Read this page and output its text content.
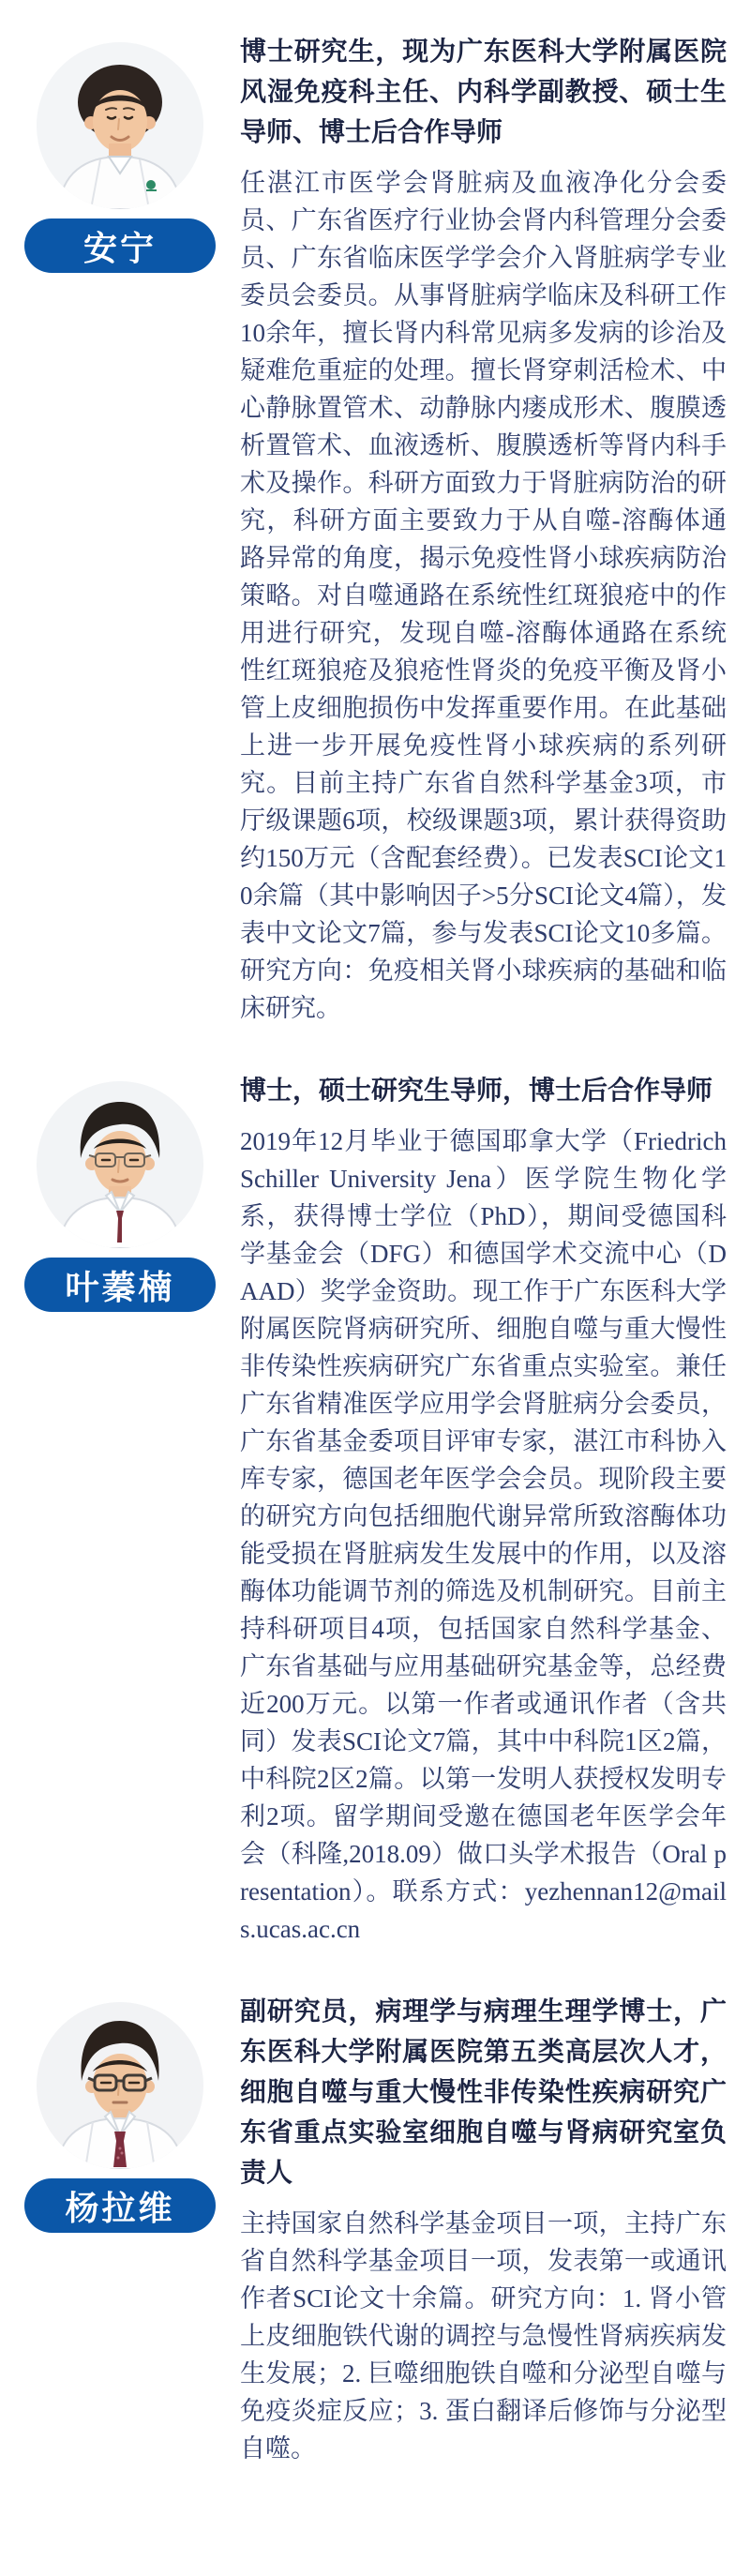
安宁
博士研究生，现为广东医科大学附属医院风湿免疫科主任、内科学副教授、硕士生导师、博士后合作导师

任湛江市医学会肾脏病及血液净化分会委员、广东省医疗行业协会肾内科管理分会委员、广东省临床医学学会介入肾脏病学专业委员会委员。从事肾脏病学临床及科研工作10余年，擅长肾内科常见病多发病的诊治及疑难危重症的处理。擅长肾穿刺活检术、中心静脉置管术、动静脉内瘘成形术、腹膜透析置管术、血液透析、腹膜透析等肾内科手术及操作。科研方面致力于肾脏病防治的研究，科研方面主要致力于从自噬-溶酶体通路异常的角度，揭示免疫性肾小球疾病防治策略。对自噬通路在系统性红斑狼疮中的作用进行研究，发现自噬-溶酶体通路在系统性红斑狼疮及狼疮性肾炎的免疫平衡及肾小管上皮细胞损伤中发挥重要作用。在此基础上进一步开展免疫性肾小球疾病的系列研究。目前主持广东省自然科学基金3项，市厅级课题6项，校级课题3项，累计获得资助约150万元（含配套经费）。已发表SCI论文10余篇（其中影响因子>5分SCI论文4篇），发表中文论文7篇，参与发表SCI论文10多篇。研究方向：免疫相关肾小球疾病的基础和临床研究。

叶蓁楠
博士，硕士研究生导师，博士后合作导师

2019年12月毕业于德国耶拿大学（Friedrich Schiller University Jena）医学院生物化学系，获得博士学位（PhD），期间受德国科学基金会（DFG）和德国学术交流中心（DAAD）奖学金资助。现工作于广东医科大学附属医院肾病研究所、细胞自噬与重大慢性非传染性疾病研究广东省重点实验室。兼任广东省精准医学应用学会肾脏病分会委员，广东省基金委项目评审专家，湛江市科协入库专家，德国老年医学会会员。现阶段主要的研究方向包括细胞代谢异常所致溶酶体功能受损在肾脏病发生发展中的作用，以及溶酶体功能调节剂的筛选及机制研究。目前主持科研项目4项，包括国家自然科学基金、广东省基础与应用基础研究基金等，总经费近200万元。以第一作者或通讯作者（含共同）发表SCI论文7篇，其中中科院1区2篇，中科院2区2篇。以第一发明人获授权发明专利2项。留学期间受邀在德国老年医学会年会（科隆,2018.09）做口头学术报告（Oral presentation）。联系方式：yezhennan12@mails.ucas.ac.cn

杨拉维
副研究员，病理学与病理生理学博士，广东医科大学附属医院第五类高层次人才，细胞自噬与重大慢性非传染性疾病研究广东省重点实验室细胞自噬与肾病研究室负责人

主持国家自然科学基金项目一项，主持广东省自然科学基金项目一项，发表第一或通讯作者SCI论文十余篇。研究方向：1. 肾小管上皮细胞铁代谢的调控与急慢性肾病疾病发生发展；2. 巨噬细胞铁自噬和分泌型自噬与免疫炎症反应；3. 蛋白翻译后修饰与分泌型自噬。
